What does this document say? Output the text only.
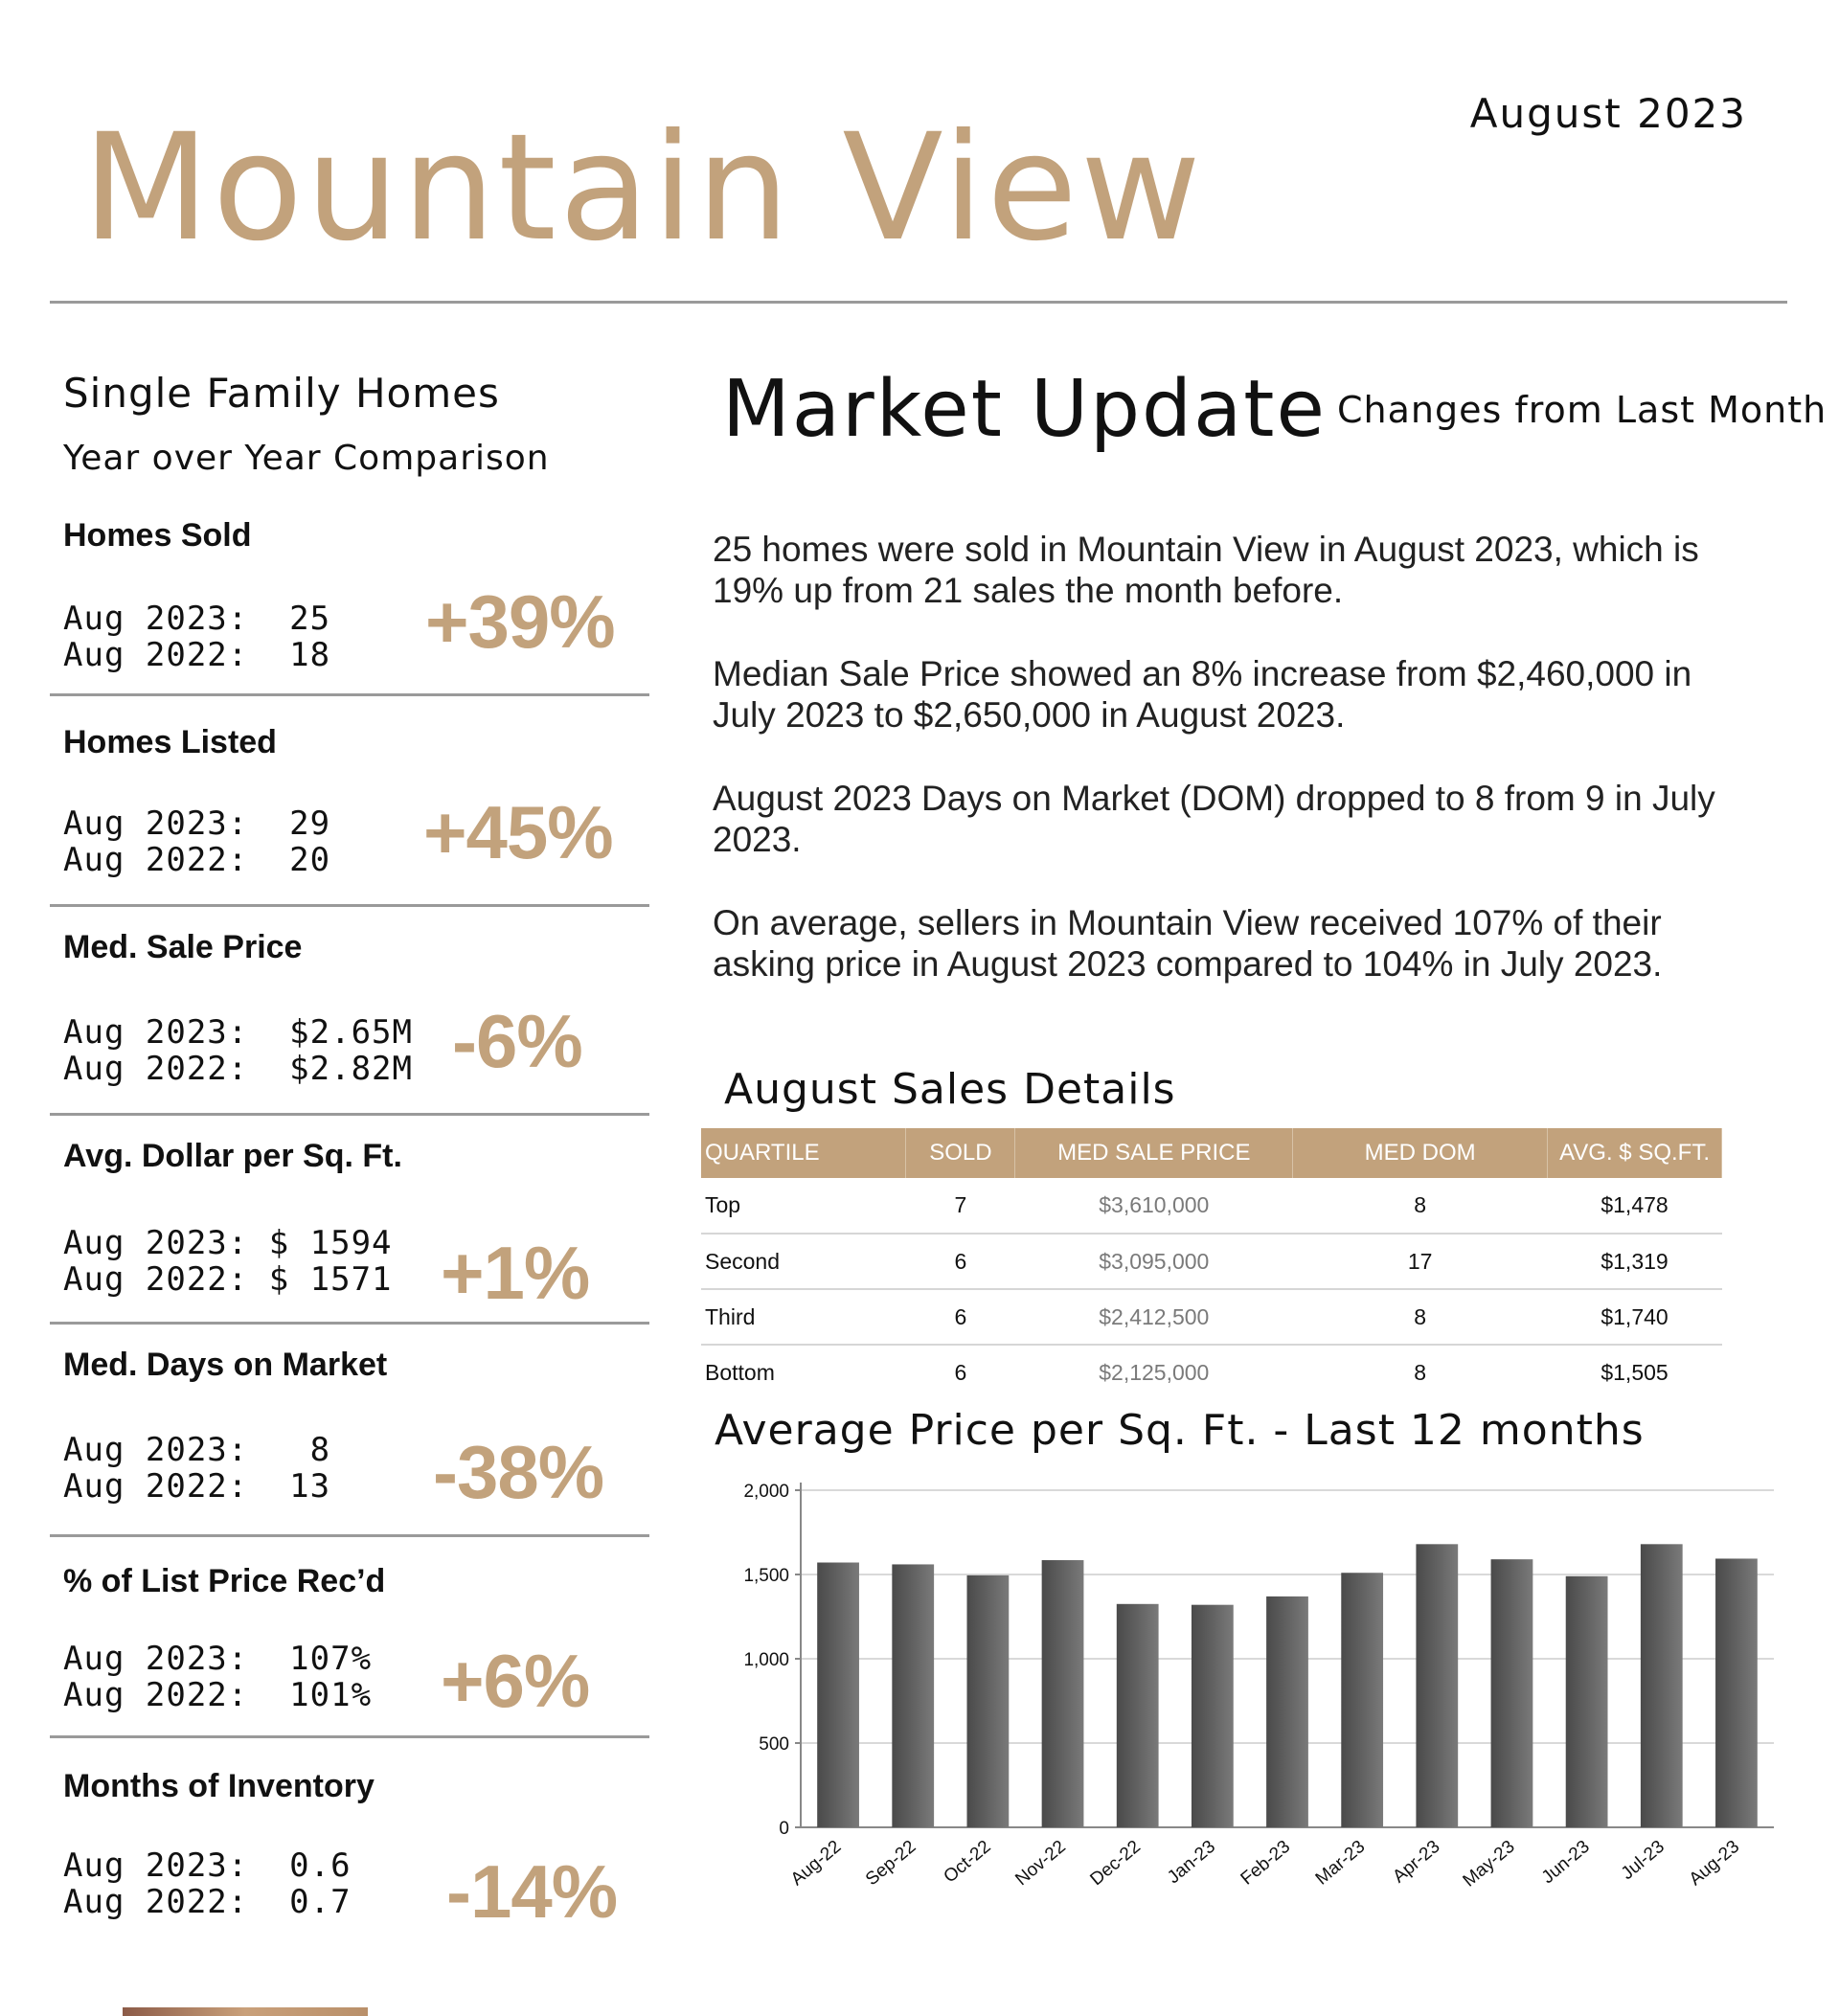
August 2023
Mountain View
Single Family Homes
Year over Year Comparison
Homes Sold
Aug 2023:  25
Aug 2022:  18 +39%
Homes Listed
Aug 2023:  29
Aug 2022:  20 +45%
Med. Sale Price
Aug 2023:  $2.65M
Aug 2022:  $2.82M -6%
Avg. Dollar per Sq. Ft.
Aug 2023: $ 1594
Aug 2022: $ 1571 +1%
Med. Days on Market
Aug 2023:   8
Aug 2022:  13 -38%
% of List Price Rec’d
Aug 2023:  107%
Aug 2022:  101% +6%
Months of Inventory
Aug 2023:  0.6
Aug 2022:  0.7 -14%
Market Update Changes from Last Month
25 homes were sold in Mountain View in August 2023, which is 19% up from 21 sales the month before.
Median Sale Price showed an 8% increase from $2,460,000 in July 2023 to $2,650,000 in August 2023.
August 2023 Days on Market (DOM) dropped to 8 from 9 in July 2023.
On average, sellers in Mountain View received 107% of their asking price in August 2023 compared to 104% in July 2023.
August Sales Details
QUARTILE	SOLD	MED SALE PRICE	MED DOM	AVG. $ SQ.FT.
Top	7	$3,610,000	8	$1,478
Second	6	$3,095,000	17	$1,319
Third	6	$2,412,500	8	$1,740
Bottom	6	$2,125,000	8	$1,505
Average Price per Sq. Ft. - Last 12 months
0
500
1,000
1,500
2,000
Aug-22 Sep-22 Oct-22 Nov-22 Dec-22 Jan-23 Feb-23 Mar-23 Apr-23 May-23 Jun-23 Jul-23 Aug-23
